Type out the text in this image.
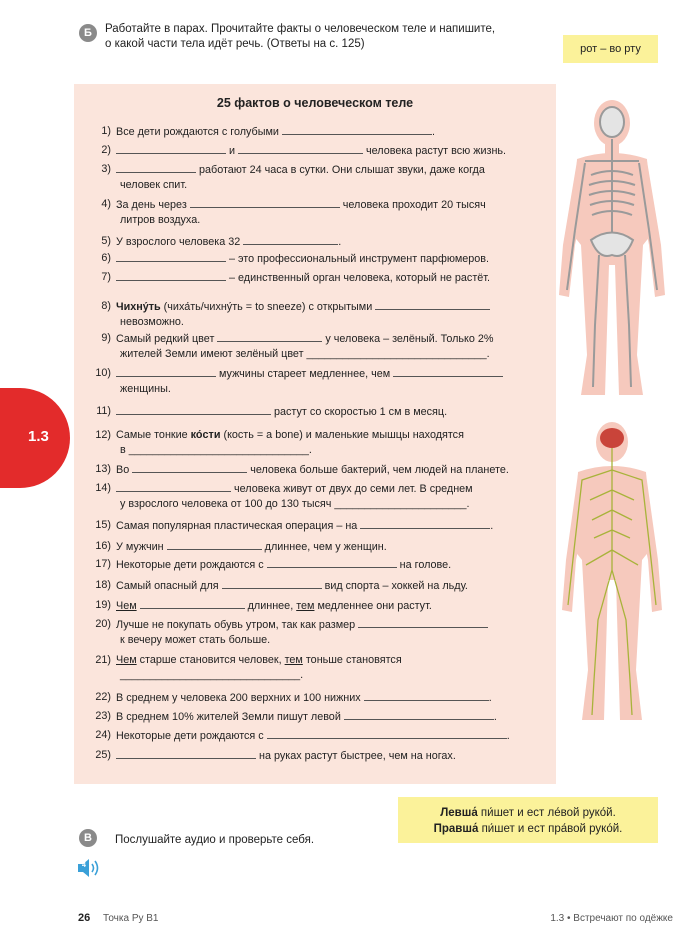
Б	Работайте в парах. Прочитайте факты о человеческом теле и напишите,
о какой части тела идёт речь. (Ответы на с. 125)	рот – во рту
1.3
25 фактов о человеческом теле
1) Все дети рождаются с голубыми	.
2)	и	человека растут всю жизнь.
3)	работают 24 часа в сутки. Они слышат звуки, даже когда
человек спит.
4) За день через	человека проходит 20 тысяч
литров воздуха.
5) У взрослого человека 32	.
6)	– это профессиональный инструмент парфюмеров.
7)	– единственный орган человека, который не растёт.
8) Чихну́ть (чиха́ть/чихну́ть = to sneeze) с открытыми
невозможно.
9) Самый редкий цвет	у человека – зелёный. Только 2%
жителей Земли имеют зелёный цвет ______________________________.
10)	мужчины стареет медленнее, чем
женщины.
11)	растут со скоростью 1 см в месяц.
12) Самые тонкие ко́сти (кость = a bone) и маленькие мышцы находятся
в ______________________________.
13) Во	человека больше бактерий, чем людей на планете.
14)	человека живут от двух до семи лет. В среднем
у взрослого человека от 100 до 130 тысяч ______________________.
15) Самая популярная пластическая операция – на	.
16) У мужчин	длиннее, чем у женщин.
17) Некоторые дети рождаются с	на голове.
18) Самый опасный для	вид спорта – хоккей на льду.
19) Чем	длиннее, тем медленнее они растут.
20) Лучше не покупать обувь утром, так как размер
к вечеру может стать больше.
21) Чем старше становится человек, тем тоньше становятся
______________________________.
22) В среднем у человека 200 верхних и 100 нижних	.
23) В среднем 10% жителей Земли пишут левой	.
24) Некоторые дети рождаются с	.
25)	на руках растут быстрее, чем на ногах.
Левша́ пи́шет и ест ле́вой руко́й.
Правша́ пи́шет и ест пра́вой руко́й.
В	Послушайте аудио и проверьте себя.
4
26 Точка Ру В1	1.3 • Встречают по одёжке
